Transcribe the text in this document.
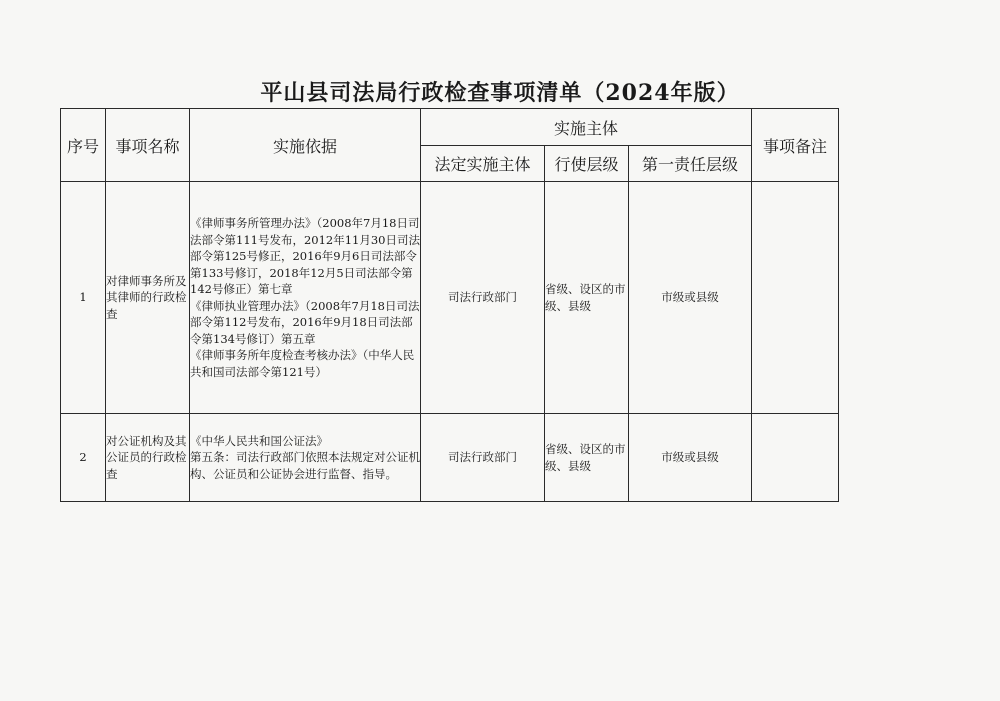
平山县司法局行政检查事项清单（2024年版）
序号	事项名称	实施依据	实施主体			事项备注
			法定实施主体	行使层级	第一责任层级	
1	对律师事务所及其律师的行政检查	《律师事务所管理办法》（2008年7月18日司法部令第111号发布，2012年11月30日司法部令第125号修正，2016年9月6日司法部令第133号修订，2018年12月5日司法部令第142号修正）第七章

《律师执业管理办法》（2008年7月18日司法部令第112号发布，2016年9月18日司法部令第134号修订）第五章

《律师事务所年度检查考核办法》（中华人民共和国司法部令第121号）	司法行政部门	省级、设区的市级、县级	市级或县级	
2	对公证机构及其公证员的行政检查	《中华人民共和国公证法》

第五条：司法行政部门依照本法规定对公证机构、公证员和公证协会进行监督、指导。	司法行政部门	省级、设区的市级、县级	市级或县级	
